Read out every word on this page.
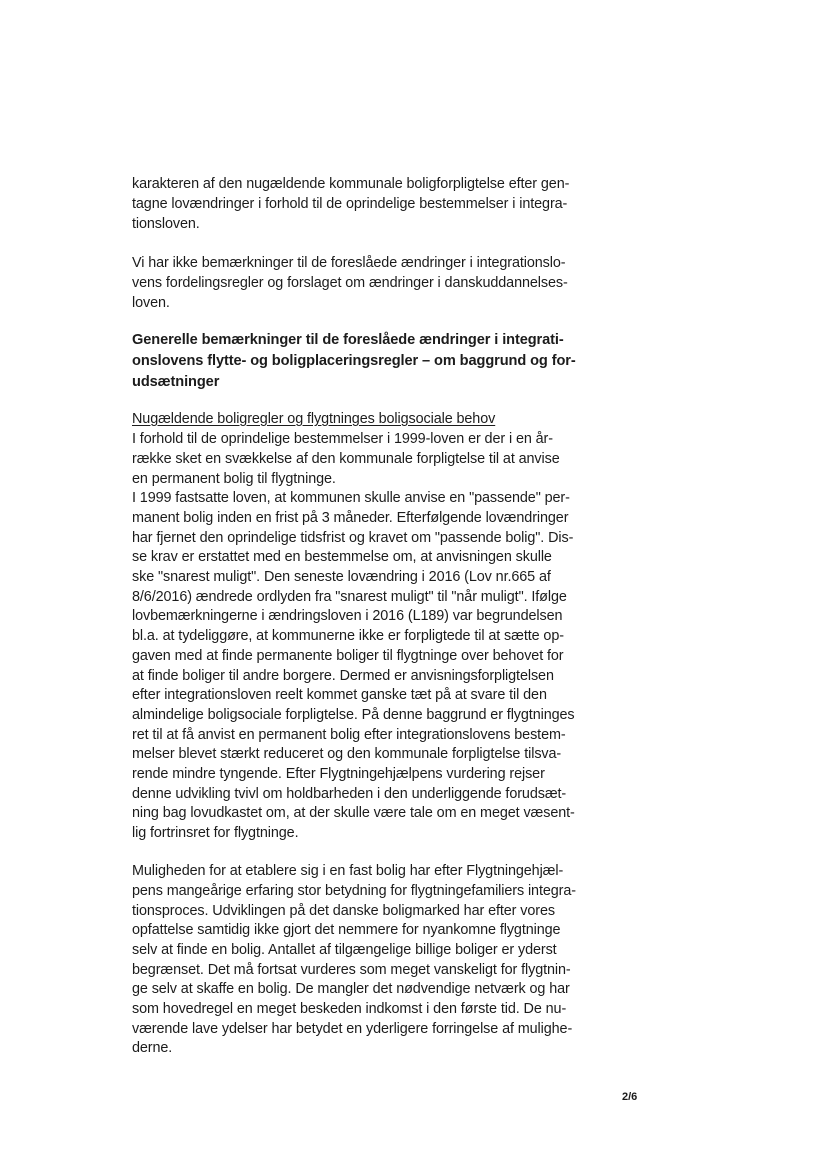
karakteren af den nugældende kommunale boligforpligtelse efter gen-
tagne lovændringer i forhold til de oprindelige bestemmelser i integra-
tionsloven.
Vi har ikke bemærkninger til de foreslåede ændringer i integrationslo-
vens fordelingsregler og forslaget om ændringer i danskuddannelses-
loven.
Generelle bemærkninger til de foreslåede ændringer i integrati-
onslovens flytte- og boligplaceringsregler – om baggrund og for-
udsætninger
Nugældende boligregler og flygtninges boligsociale behov
I forhold til de oprindelige bestemmelser i 1999-loven er der i en år-
række sket en svækkelse af den kommunale forpligtelse til at anvise
en permanent bolig til flygtninge.
I 1999 fastsatte loven, at kommunen skulle anvise en "passende" per-
manent bolig inden en frist på 3 måneder. Efterfølgende lovændringer
har fjernet den oprindelige tidsfrist og kravet om "passende bolig". Dis-
se krav er erstattet med en bestemmelse om, at anvisningen skulle
ske "snarest muligt". Den seneste lovændring i 2016 (Lov nr.665 af
8/6/2016) ændrede ordlyden fra "snarest muligt" til "når muligt". Ifølge
lovbemærkningerne i ændringsloven i 2016 (L189) var begrundelsen
bl.a. at tydeliggøre, at kommunerne ikke er forpligtede til at sætte op-
gaven med at finde permanente boliger til flygtninge over behovet for
at finde boliger til andre borgere. Dermed er anvisningsforpligtelsen
efter integrationsloven reelt kommet ganske tæt på at svare til den
almindelige boligsociale forpligtelse. På denne baggrund er flygtninges
ret til at få anvist en permanent bolig efter integrationslovens bestem-
melser blevet stærkt reduceret og den kommunale forpligtelse tilsva-
rende mindre tyngende. Efter Flygtningehjælpens vurdering rejser
denne udvikling tvivl om holdbarheden i den underliggende forudsæt-
ning bag lovudkastet om, at der skulle være tale om en meget væsent-
lig fortrinsret for flygtninge.
Muligheden for at etablere sig i en fast bolig har efter Flygtningehjæl-
pens mangeårige erfaring stor betydning for flygtningefamiliers integra-
tionsproces. Udviklingen på det danske boligmarked har efter vores
opfattelse samtidig ikke gjort det nemmere for nyankomne flygtninge
selv at finde en bolig. Antallet af tilgængelige billige boliger er yderst
begrænset. Det må fortsat vurderes som meget vanskeligt for flygtnin-
ge selv at skaffe en bolig. De mangler det nødvendige netværk og har
som hovedregel en meget beskeden indkomst i den første tid. De nu-
værende lave ydelser har betydet en yderligere forringelse af mulighe-
derne.
2/6
